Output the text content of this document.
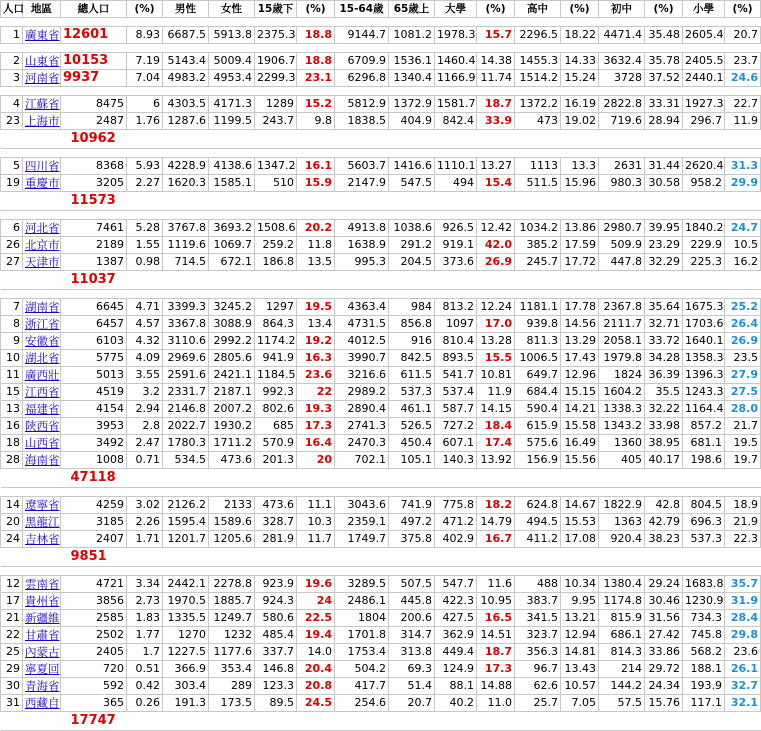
人口	地區	總人口	(%)	男性	女性	15歲下	(%)	15-64歲	65歲上	大學	(%)	高中	(%)	初中	(%)	小學	(%)

1	廣東省	12601	8.93	6687.5	5913.8	2375.3	18.8	9144.7	1081.2	1978.3	15.7	2296.5	18.22	4471.4	35.48	2605.4	20.7

2	山東省	10153	7.19	5143.4	5009.4	1906.7	18.8	6709.9	1536.1	1460.4	14.38	1455.3	14.33	3632.4	35.78	2405.5	23.7
3	河南省	9937	7.04	4983.2	4953.4	2299.3	23.1	6296.8	1340.4	1166.9	11.74	1514.2	15.24	3728	37.52	2440.1	24.6

4	江蘇省	8475	6	4303.5	4171.3	1289	15.2	5812.9	1372.9	1581.7	18.7	1372.2	16.19	2822.8	33.31	1927.3	22.7
23	上海市	2487	1.76	1287.6	1199.5	243.7	9.8	1838.5	404.9	842.4	33.9	473	19.02	719.6	28.94	296.7	11.9
		10962															

5	四川省	8368	5.93	4228.9	4138.6	1347.2	16.1	5603.7	1416.6	1110.1	13.27	1113	13.3	2631	31.44	2620.4	31.3
19	重慶市	3205	2.27	1620.3	1585.1	510	15.9	2147.9	547.5	494	15.4	511.5	15.96	980.3	30.58	958.2	29.9
		11573															

6	河北省	7461	5.28	3767.8	3693.2	1508.6	20.2	4913.8	1038.6	926.5	12.42	1034.2	13.86	2980.7	39.95	1840.2	24.7
26	北京市	2189	1.55	1119.6	1069.7	259.2	11.8	1638.9	291.2	919.1	42.0	385.2	17.59	509.9	23.29	229.9	10.5
27	天津市	1387	0.98	714.5	672.1	186.8	13.5	995.3	204.5	373.6	26.9	245.7	17.72	447.8	32.29	225.3	16.2
		11037															

7	湖南省	6645	4.71	3399.3	3245.2	1297	19.5	4363.4	984	813.2	12.24	1181.1	17.78	2367.8	35.64	1675.3	25.2
8	浙江省	6457	4.57	3367.8	3088.9	864.3	13.4	4731.5	856.8	1097	17.0	939.8	14.56	2111.7	32.71	1703.6	26.4
9	安徽省	6103	4.32	3110.6	2992.2	1174.2	19.2	4012.5	916	810.4	13.28	811.3	13.29	2058.1	33.72	1640.1	26.9
10	湖北省	5775	4.09	2969.6	2805.6	941.9	16.3	3990.7	842.5	893.5	15.5	1006.5	17.43	1979.8	34.28	1358.3	23.5
11	廣西壯	5013	3.55	2591.6	2421.1	1184.5	23.6	3216.6	611.5	541.7	10.81	649.7	12.96	1824	36.39	1396.3	27.9
15	江西省	4519	3.2	2331.7	2187.1	992.3	22	2989.2	537.3	537.4	11.9	684.4	15.15	1604.2	35.5	1243.3	27.5
13	福建省	4154	2.94	2146.8	2007.2	802.6	19.3	2890.4	461.1	587.7	14.15	590.4	14.21	1338.3	32.22	1164.4	28.0
16	陝西省	3953	2.8	2022.7	1930.2	685	17.3	2741.3	526.5	727.2	18.4	615.9	15.58	1343.2	33.98	857.2	21.7
18	山西省	3492	2.47	1780.3	1711.2	570.9	16.4	2470.3	450.4	607.1	17.4	575.6	16.49	1360	38.95	681.1	19.5
28	海南省	1008	0.71	534.5	473.6	201.3	20	702.1	105.1	140.3	13.92	156.9	15.56	405	40.17	198.6	19.7
		47118															

14	遼寧省	4259	3.02	2126.2	2133	473.6	11.1	3043.6	741.9	775.8	18.2	624.8	14.67	1822.9	42.8	804.5	18.9
20	黑龍江	3185	2.26	1595.4	1589.6	328.7	10.3	2359.1	497.2	471.2	14.79	494.5	15.53	1363	42.79	696.3	21.9
24	吉林省	2407	1.71	1201.7	1205.6	281.9	11.7	1749.7	375.8	402.9	16.7	411.2	17.08	920.4	38.23	537.3	22.3
		9851															

12	雲南省	4721	3.34	2442.1	2278.8	923.9	19.6	3289.5	507.5	547.7	11.6	488	10.34	1380.4	29.24	1683.8	35.7
17	貴州省	3856	2.73	1970.5	1885.7	924.3	24	2486.1	445.8	422.3	10.95	383.7	9.95	1174.8	30.46	1230.9	31.9
21	新疆維	2585	1.83	1335.5	1249.7	580.6	22.5	1804	200.6	427.5	16.5	341.5	13.21	815.9	31.56	734.3	28.4
22	甘肅省	2502	1.77	1270	1232	485.4	19.4	1701.8	314.7	362.9	14.51	323.7	12.94	686.1	27.42	745.8	29.8
25	內蒙古	2405	1.7	1227.5	1177.6	337.7	14.0	1753.4	313.8	449.4	18.7	356.3	14.81	814.3	33.86	568.2	23.6
29	寧夏回	720	0.51	366.9	353.4	146.8	20.4	504.2	69.3	124.9	17.3	96.7	13.43	214	29.72	188.1	26.1
30	青海省	592	0.42	303.4	289	123.3	20.8	417.7	51.4	88.1	14.88	62.6	10.57	144.2	24.34	193.9	32.7
31	西藏自	365	0.26	191.3	173.5	89.5	24.5	254.6	20.7	40.2	11.0	25.7	7.05	57.5	15.76	117.1	32.1
		17747															
